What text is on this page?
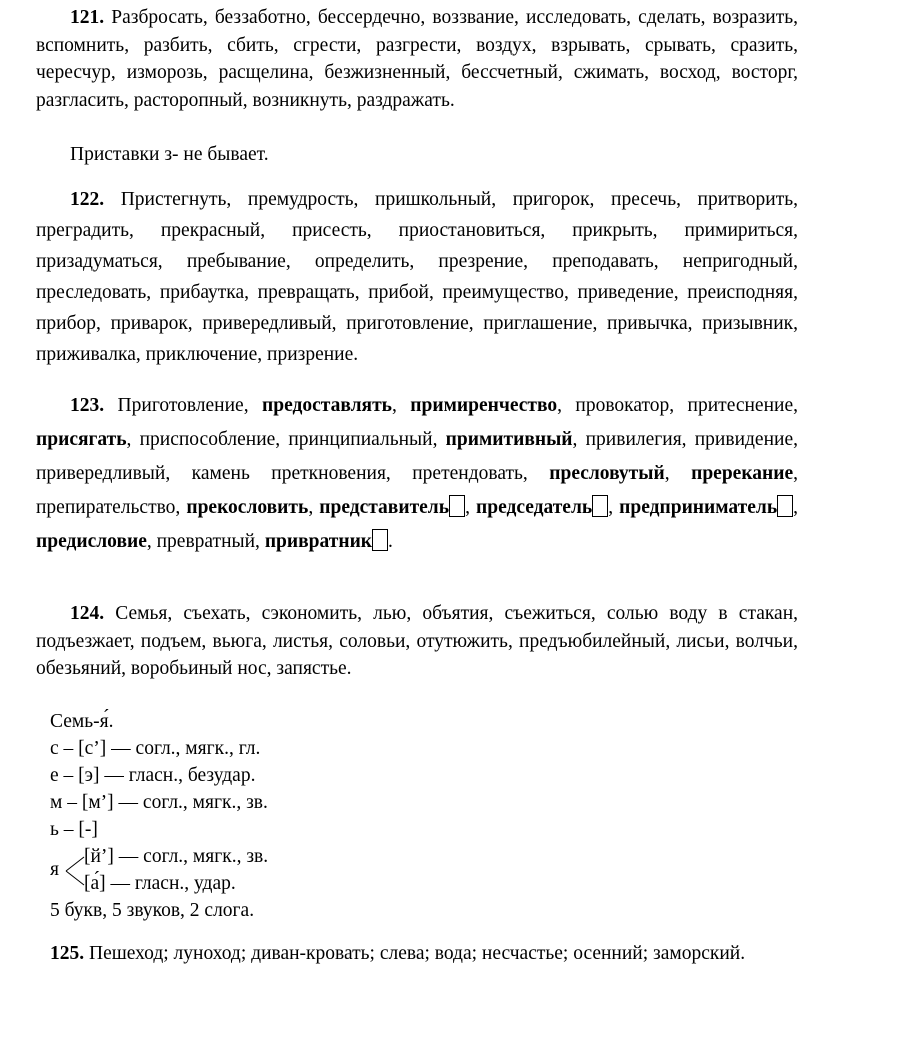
121. Разбросать, беззаботно, бессердечно, воззвание, исследовать, сделать, возразить, вспомнить, разбить, сбить, сгрести, разгрести, воздух, взрывать, срывать, сразить, чересчур, изморозь, расщелина, безжизненный, бессчетный, сжимать, восход, восторг, разгласить, расторопный, возникнуть, раздражать.

Приставки з- не бывает.

122. Пристегнуть, премудрость, пришкольный, пригорок, пресечь, притворить, преградить, прекрасный, присесть, приостановиться, прикрыть, примириться, призадуматься, пребывание, определить, презрение, преподавать, непригодный, преследовать, прибаутка, превращать, прибой, преимущество, приведение, преисподняя, прибор, приварок, привередливый, приготовление, приглашение, привычка, призывник, приживалка, приключение, призрение.

123. Приготовление, предоставлять, примиренчество, провокатор, притеснение, присягать, приспособление, принципиальный, примитивный, привилегия, привидение, привередливый, камень преткновения, претендовать, пресловутый, пререкание, препирательство, прекословить, представитель , председатель , предприниматель , предисловие, превратный, привратник .

124. Семья, съехать, сэкономить, лью, объятия, съежиться, солью воду в стакан, подъезжает, подъем, вьюга, листья, соловьи, отутюжить, предъюбилейный, лисьи, волчьи, обезьяний, воробьиный нос, запястье.

Семь-я́.
с – [с’] — согл., мягк., гл.
е – [э] — гласн., безудар.
м – [м’] — согл., мягк., зв.
ь – [-]
я
[й’] — согл., мягк., зв.
[а́] — гласн., удар.
5 букв, 5 звуков, 2 слога.

125. Пешеход; луноход; диван-кровать; слева; вода; несчастье; осенний; заморский.
